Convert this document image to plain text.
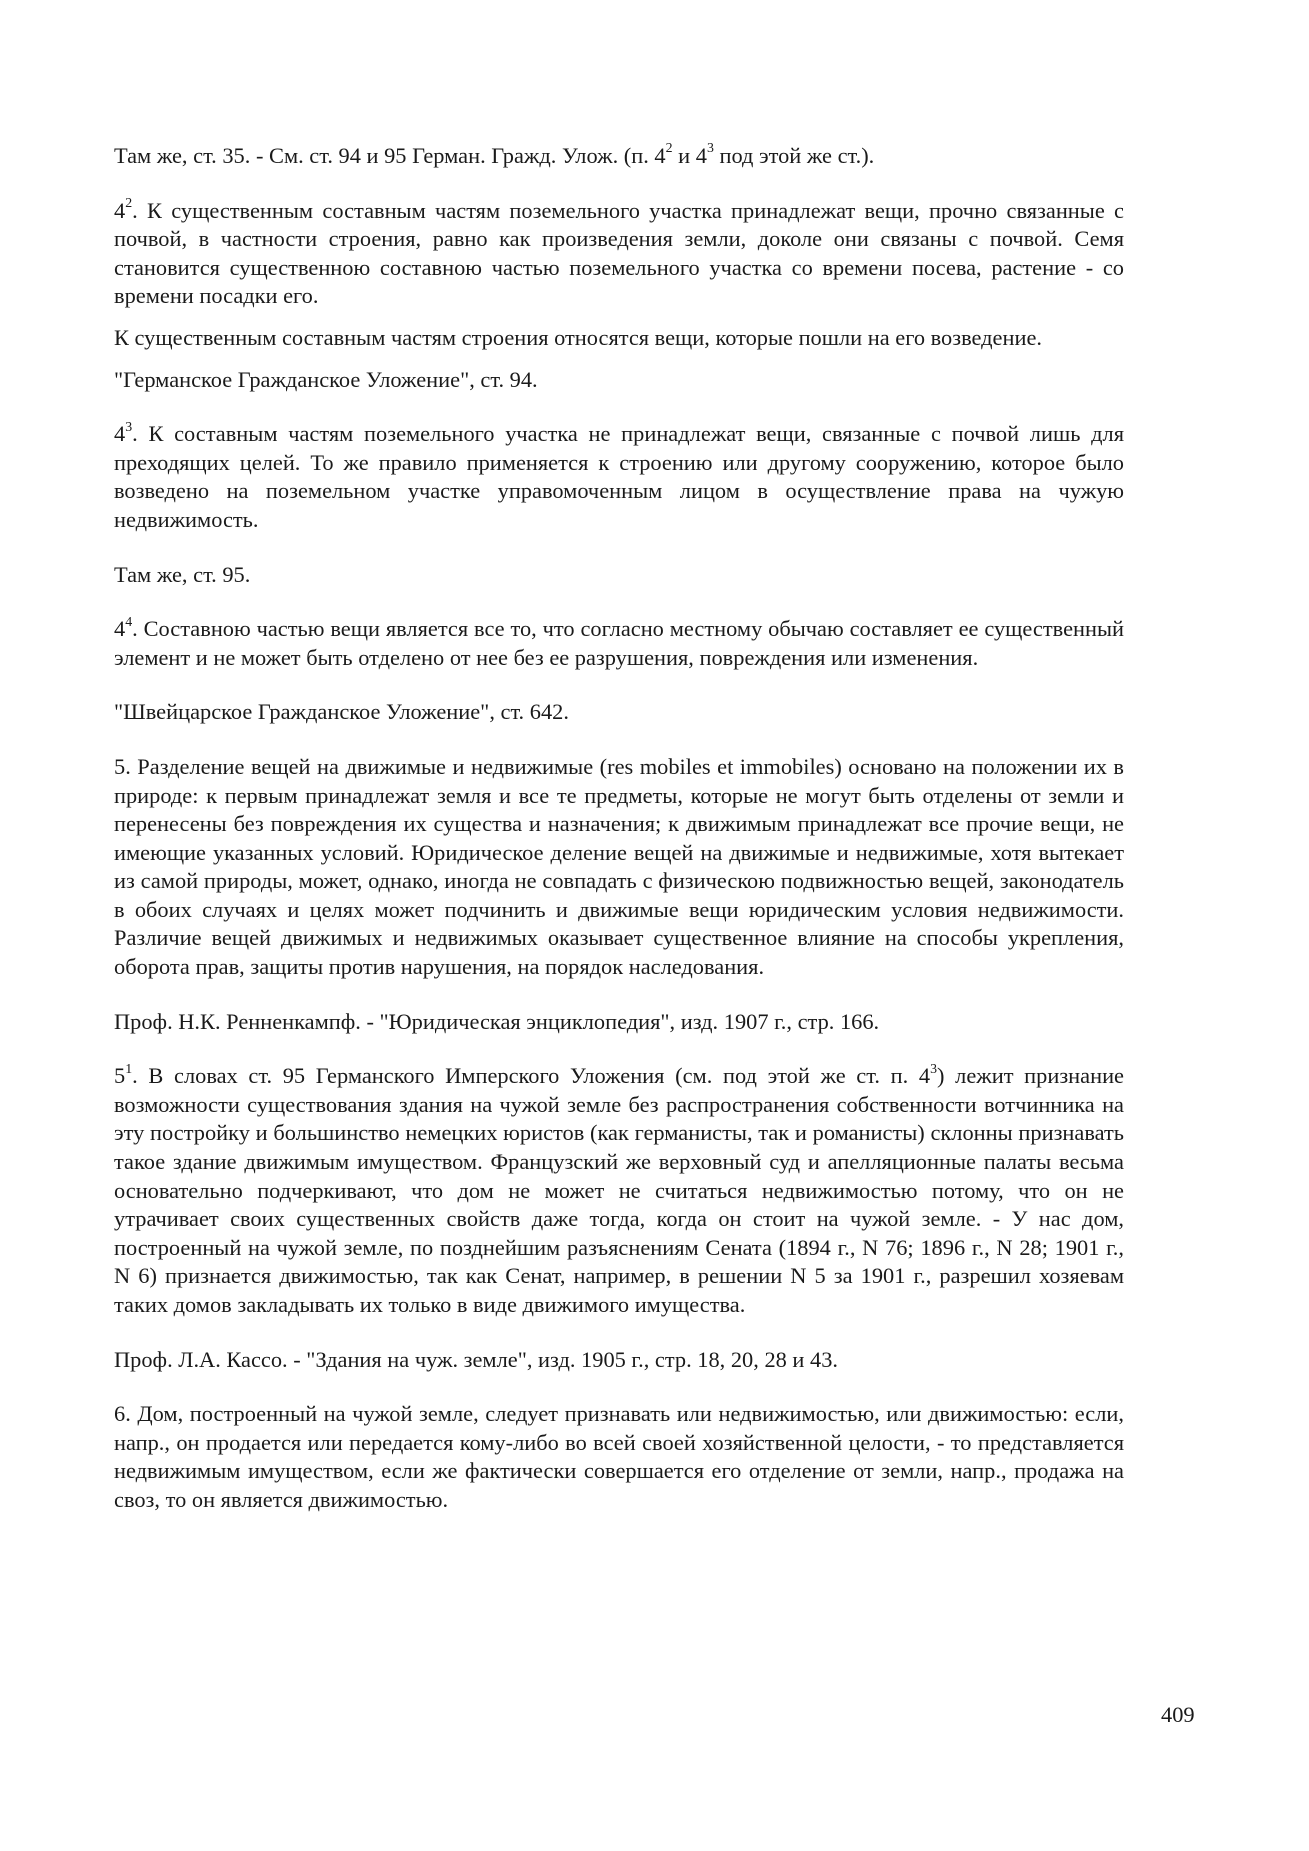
Там же, ст. 35. - См. ст. 94 и 95 Герман. Гражд. Улож. (п. $4^2$ и $4^3$ под этой же ст.).

$4^2$. К существенным составным частям поземельного участка принадлежат вещи, прочно связанные с почвой, в частности строения, равно как произведения земли, доколе они связаны с почвой. Семя становится существенною составною частью поземельного участка со времени посева, растение - со времени посадки его.

К существенным составным частям строения относятся вещи, которые пошли на его возведение.

"Германское Гражданское Уложение", ст. 94.

$4^3$. К составным частям поземельного участка не принадлежат вещи, связанные с почвой лишь для преходящих целей. То же правило применяется к строению или другому сооружению, которое было возведено на поземельном участке управомоченным лицом в осуществление права на чужую недвижимость.

Там же, ст. 95.

$4^4$. Составною частью вещи является все то, что согласно местному обычаю составляет ее существенный элемент и не может быть отделено от нее без ее разрушения, повреждения или изменения.

"Швейцарское Гражданское Уложение", ст. 642.

5. Разделение вещей на движимые и недвижимые (res mobiles et immobiles) основано на положении их в природе: к первым принадлежат земля и все те предметы, которые не могут быть отделены от земли и перенесены без повреждения их существа и назначения; к движимым принадлежат все прочие вещи, не имеющие указанных условий. Юридическое деление вещей на движимые и недвижимые, хотя вытекает из самой природы, может, однако, иногда не совпадать с физическою подвижностью вещей, законодатель в обоих случаях и целях может подчинить и движимые вещи юридическим условия недвижимости. Различие вещей движимых и недвижимых оказывает существенное влияние на способы укрепления, оборота прав, защиты против нарушения, на порядок наследования.

Проф. Н.К. Ренненкампф. - "Юридическая энциклопедия", изд. 1907 г., стр. 166.

$5^1$. В словах ст. 95 Германского Имперского Уложения (см. под этой же ст. п. $4^3$) лежит признание возможности существования здания на чужой земле без распространения собственности вотчинника на эту постройку и большинство немецких юристов (как германисты, так и романисты) склонны признавать такое здание движимым имуществом. Французский же верховный суд и апелляционные палаты весьма основательно подчеркивают, что дом не может не считаться недвижимостью потому, что он не утрачивает своих существенных свойств даже тогда, когда он стоит на чужой земле. - У нас дом, построенный на чужой земле, по позднейшим разъяснениям Сената (1894 г., N 76; 1896 г., N 28; 1901 г., N 6) признается движимостью, так как Сенат, например, в решении N 5 за 1901 г., разрешил хозяевам таких домов закладывать их только в виде движимого имущества.

Проф. Л.А. Кассо. - "Здания на чуж. земле", изд. 1905 г., стр. 18, 20, 28 и 43.

6. Дом, построенный на чужой земле, следует признавать или недвижимостью, или движимостью: если, напр., он продается или передается кому-либо во всей своей хозяйственной целости, - то представляется недвижимым имуществом, если же фактически совершается его отделение от земли, напр., продажа на своз, то он является движимостью.

409
